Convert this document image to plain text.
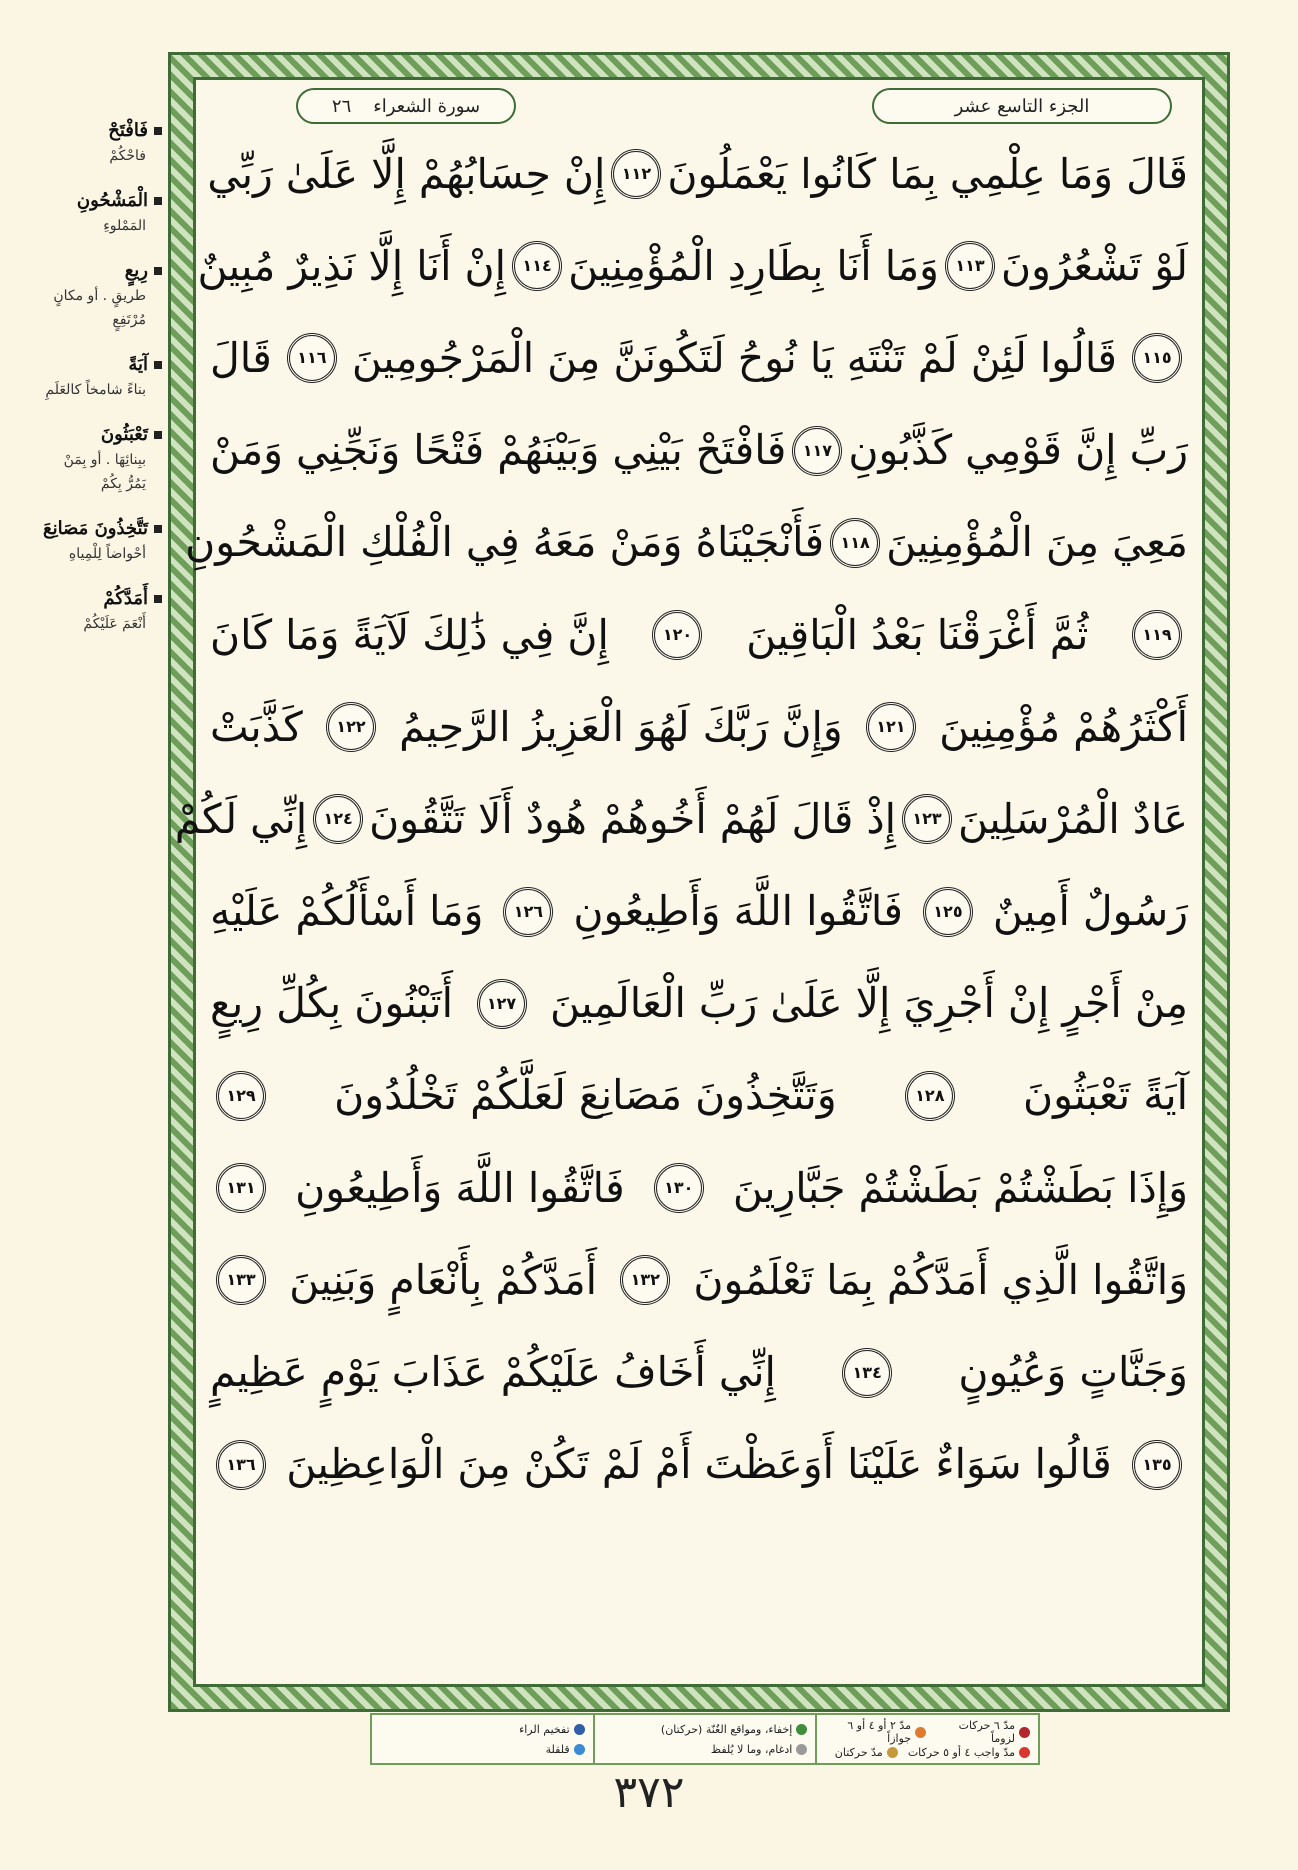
فَافْتَحْ
فاحْكُمْ
الْمَشْحُونِ
المَمْلوءِ
رِيعٍ
طريقٍ . أو مكانٍ مُرْتَفِعٍ
آيَةً
بناءً شامخاً كالعَلَمِ
تَعْبَثُونَ
ببِنائِهَا . أو بِمَنْ يَمُرُّ بِكُمْ
تَتَّخِذُونَ مَصَانِعَ
أحْواضاً لِلْمِياهِ
أَمَدَّكُمْ
أَنْعَمَ عَلَيْكُمْ
الجزء التاسع عشر
سورة الشعراء
٢٦
قَالَ وَمَا عِلْمِي بِمَا كَانُوا يَعْمَلُونَ
١١٢
إِنْ حِسَابُهُمْ إِلَّا عَلَىٰ رَبِّي
لَوْ تَشْعُرُونَ
١١٣
وَمَا أَنَا بِطَارِدِ الْمُؤْمِنِينَ
١١٤
إِنْ أَنَا إِلَّا نَذِيرٌ مُبِينٌ
١١٥
قَالُوا لَئِنْ لَمْ تَنْتَهِ يَا نُوحُ لَتَكُونَنَّ مِنَ الْمَرْجُومِينَ
١١٦
قَالَ
رَبِّ إِنَّ قَوْمِي كَذَّبُونِ
١١٧
فَافْتَحْ بَيْنِي وَبَيْنَهُمْ فَتْحًا وَنَجِّنِي وَمَنْ
مَعِيَ مِنَ الْمُؤْمِنِينَ
١١٨
فَأَنْجَيْنَاهُ وَمَنْ مَعَهُ فِي الْفُلْكِ الْمَشْحُونِ
١١٩
ثُمَّ أَغْرَقْنَا بَعْدُ الْبَاقِينَ
١٢٠
إِنَّ فِي ذَٰلِكَ لَآيَةً وَمَا كَانَ
أَكْثَرُهُمْ مُؤْمِنِينَ
١٢١
وَإِنَّ رَبَّكَ لَهُوَ الْعَزِيزُ الرَّحِيمُ
١٢٢
كَذَّبَتْ
عَادٌ الْمُرْسَلِينَ
١٢٣
إِذْ قَالَ لَهُمْ أَخُوهُمْ هُودٌ أَلَا تَتَّقُونَ
١٢٤
إِنِّي لَكُمْ
رَسُولٌ أَمِينٌ
١٢٥
فَاتَّقُوا اللَّهَ وَأَطِيعُونِ
١٢٦
وَمَا أَسْأَلُكُمْ عَلَيْهِ
مِنْ أَجْرٍ إِنْ أَجْرِيَ إِلَّا عَلَىٰ رَبِّ الْعَالَمِينَ
١٢٧
أَتَبْنُونَ بِكُلِّ رِيعٍ
آيَةً تَعْبَثُونَ
١٢٨
وَتَتَّخِذُونَ مَصَانِعَ لَعَلَّكُمْ تَخْلُدُونَ
١٢٩
وَإِذَا بَطَشْتُمْ بَطَشْتُمْ جَبَّارِينَ
١٣٠
فَاتَّقُوا اللَّهَ وَأَطِيعُونِ
١٣١
وَاتَّقُوا الَّذِي أَمَدَّكُمْ بِمَا تَعْلَمُونَ
١٣٢
أَمَدَّكُمْ بِأَنْعَامٍ وَبَنِينَ
١٣٣
وَجَنَّاتٍ وَعُيُونٍ
١٣٤
إِنِّي أَخَافُ عَلَيْكُمْ عَذَابَ يَوْمٍ عَظِيمٍ
١٣٥
قَالُوا سَوَاءٌ عَلَيْنَا أَوَعَظْتَ أَمْ لَمْ تَكُنْ مِنَ الْوَاعِظِينَ
١٣٦
مدّ ٦ حركات لزوماً
مدّ ٢ أو ٤ أو ٦ جوازاً
مدّ واجب ٤ أو ٥ حركات
مدّ حركتان
إخفاء، ومواقع الغُنّة (حركتان)
ادغام، وما لا يُلفظ
تفخيم الراء
قلقلة
٣٧٢
